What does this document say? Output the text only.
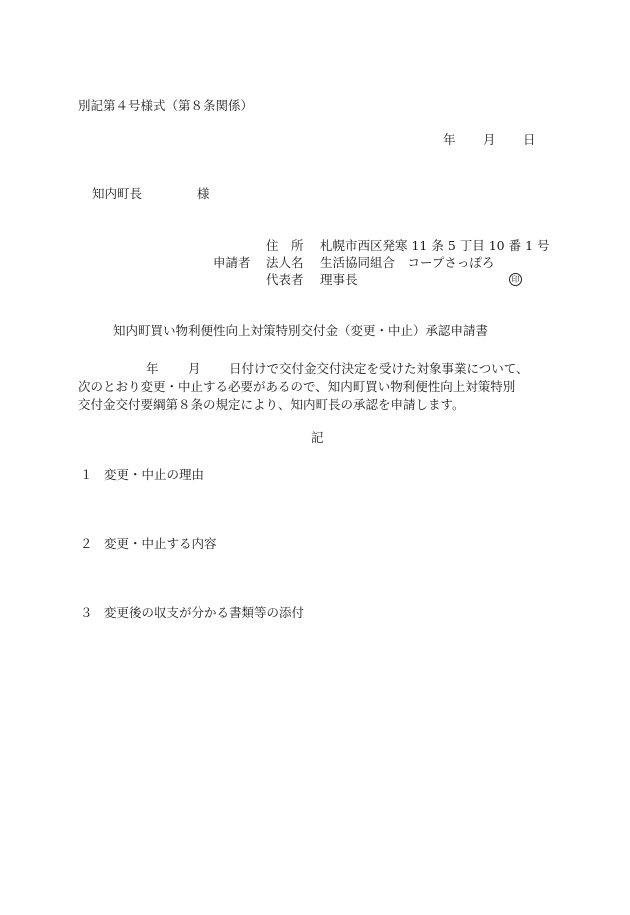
別記第４号様式（第８条関係）
年 月 日
知内町長	様
住　所 札幌市西区発寒 11 条 5 丁目 10 番 1 号
申請者 法人名 生活協同組合　コープさっぽろ
代表者 理事長	印
知内町買い物利便性向上対策特別交付金（変更・中止）承認申請書
年 月 日付けで交付金交付決定を受けた対象事業について、
次のとおり変更・中止する必要があるので、知内町買い物利便性向上対策特別
交付金交付要綱第８条の規定により、知内町長の承認を申請します。
記
１ 変更・中止の理由
２ 変更・中止する内容
３ 変更後の収支が分かる書類等の添付
